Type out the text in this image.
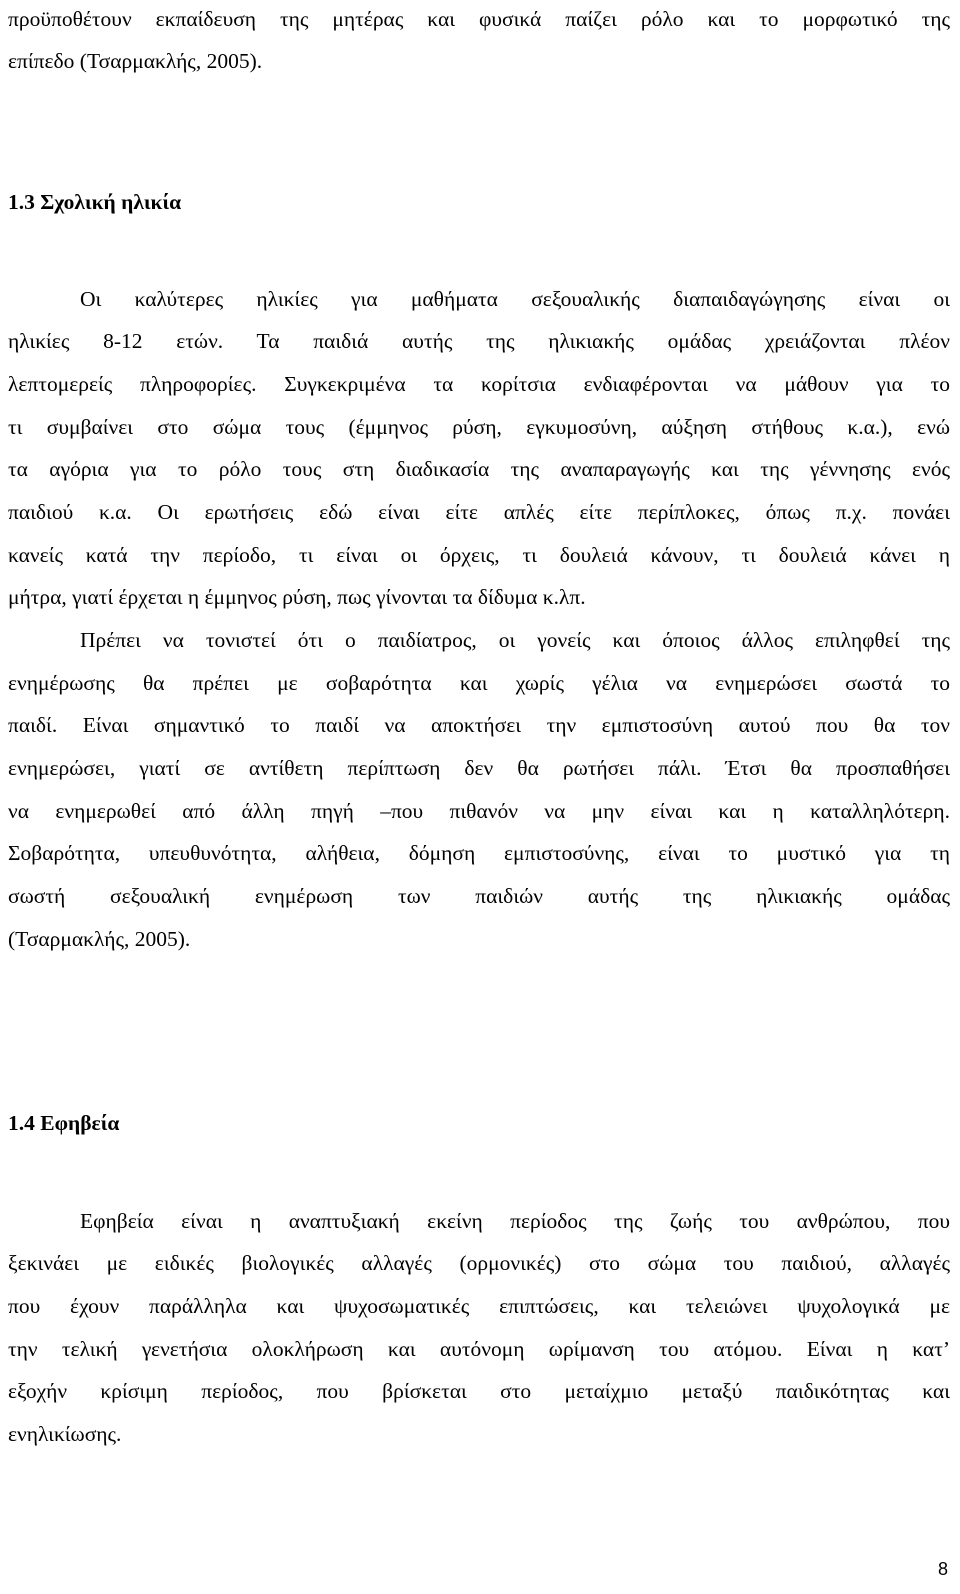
προϋποθέτουν εκπαίδευση της μητέρας και φυσικά παίζει ρόλο και το μορφωτικό της

επίπεδο (Τσαρμακλής, 2005).

1.3 Σχολική ηλικία

Οι καλύτερες ηλικίες για μαθήματα σεξουαλικής διαπαιδαγώγησης είναι οι

ηλικίες 8-12 ετών. Τα παιδιά αυτής της ηλικιακής ομάδας χρειάζονται πλέον

λεπτομερείς πληροφορίες. Συγκεκριμένα τα κορίτσια ενδιαφέρονται να μάθουν για το

τι συμβαίνει στο σώμα τους (έμμηνος ρύση, εγκυμοσύνη, αύξηση στήθους κ.α.), ενώ

τα αγόρια για το ρόλο τους στη διαδικασία της αναπαραγωγής και της γέννησης ενός

παιδιού κ.α. Οι ερωτήσεις εδώ είναι είτε απλές είτε περίπλοκες, όπως π.χ. πονάει

κανείς κατά την περίοδο, τι είναι οι όρχεις, τι δουλειά κάνουν, τι δουλειά κάνει η

μήτρα, γιατί έρχεται η έμμηνος ρύση, πως γίνονται τα δίδυμα κ.λπ.

Πρέπει να τονιστεί ότι ο παιδίατρος, οι γονείς και όποιος άλλος επιληφθεί της

ενημέρωσης θα πρέπει με σοβαρότητα και χωρίς γέλια να ενημερώσει σωστά το

παιδί. Είναι σημαντικό το παιδί να αποκτήσει την εμπιστοσύνη αυτού που θα τον

ενημερώσει, γιατί σε αντίθετη περίπτωση δεν θα ρωτήσει πάλι. Έτσι θα προσπαθήσει

να ενημερωθεί από άλλη πηγή –που πιθανόν να μην είναι και η καταλληλότερη.

Σοβαρότητα, υπευθυνότητα, αλήθεια, δόμηση εμπιστοσύνης, είναι το μυστικό για τη

σωστή σεξουαλική ενημέρωση των παιδιών αυτής της ηλικιακής ομάδας

(Τσαρμακλής, 2005).

1.4 Εφηβεία

Εφηβεία είναι η αναπτυξιακή εκείνη περίοδος της ζωής του ανθρώπου, που

ξεκινάει με ειδικές βιολογικές αλλαγές (ορμονικές) στο σώμα του παιδιού, αλλαγές

που έχουν παράλληλα και ψυχοσωματικές επιπτώσεις, και τελειώνει ψυχολογικά με

την τελική γενετήσια ολοκλήρωση και αυτόνομη ωρίμανση του ατόμου. Είναι η κατ’

εξοχήν κρίσιμη περίοδος, που βρίσκεται στο μεταίχμιο μεταξύ παιδικότητας και

ενηλικίωσης.

8
